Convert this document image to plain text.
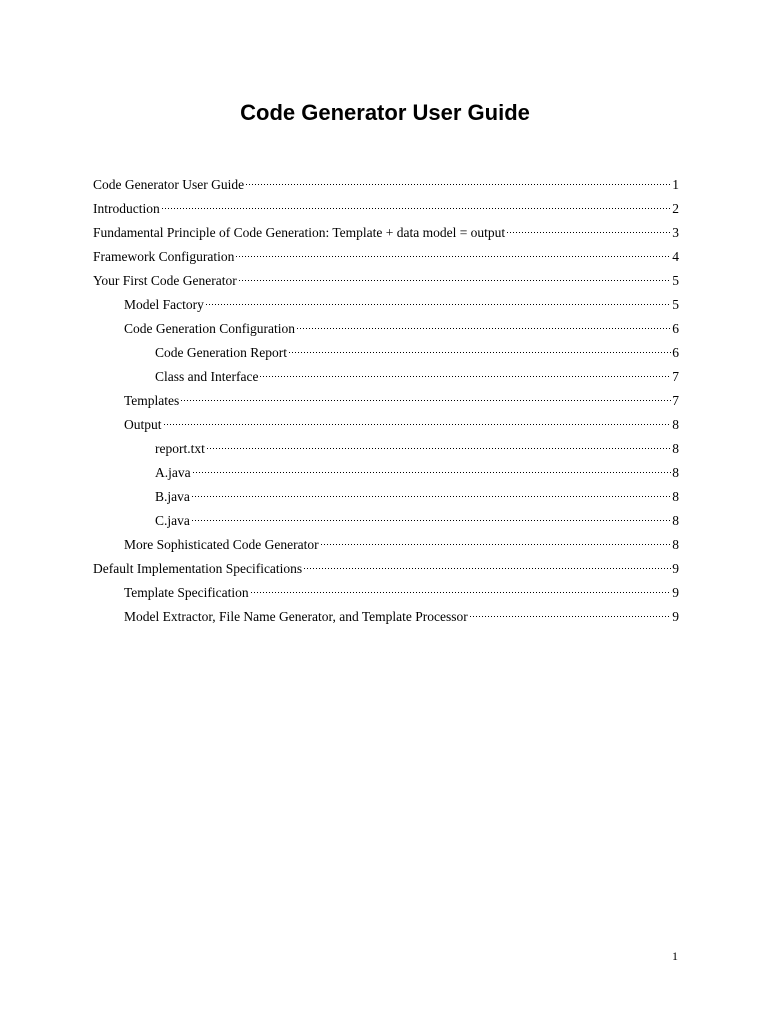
Code Generator User Guide
Code Generator User Guide	1
Introduction	2
Fundamental Principle of Code Generation: Template + data model = output	3
Framework Configuration	4
Your First Code Generator	5
Model Factory	5
Code Generation Configuration	6
Code Generation Report	6
Class and Interface	7
Templates	7
Output	8
report.txt	8
A.java	8
B.java	8
C.java	8
More Sophisticated Code Generator	8
Default Implementation Specifications	9
Template Specification	9
Model Extractor, File Name Generator, and Template Processor	9
1
